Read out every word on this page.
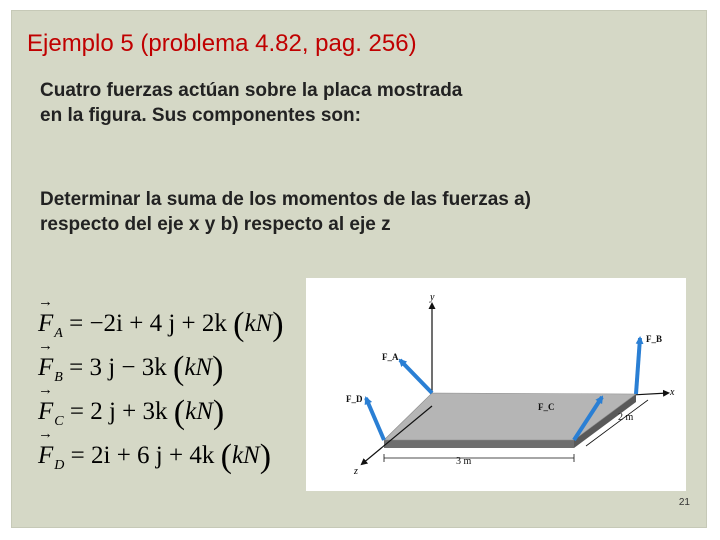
Ejemplo 5 (problema 4.82, pag. 256)
Cuatro fuerzas actúan sobre la placa mostrada
en la figura. Sus componentes son:
Determinar la suma de los momentos de las fuerzas a)
respecto del eje x y b) respecto al eje z
→ $F_A = -2i + 4$ j + 2k (kN)
→ $F_B = 3$ j − 3k (kN)
→ $F_C = 2$ j + 3k (kN)
→ $F_D = 2i + 6$ j + 4k (kN)
y
x
z
3 m
2 m
F_A
F_C
F_B
F_D
21
